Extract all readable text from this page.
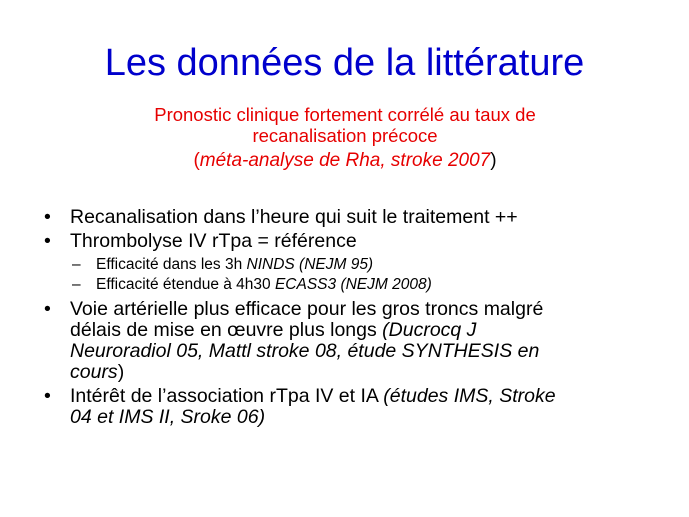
Les données de la littérature
Pronostic clinique fortement corrélé au taux de
recanalisation précoce
(méta-analyse de Rha, stroke 2007)
• Recanalisation dans l’heure qui suit le traitement ++
• Thrombolyse IV rTpa = référence
– Efficacité dans les 3h NINDS (NEJM 95)
– Efficacité étendue à 4h30 ECASS3 (NEJM 2008)
• Voie artérielle plus efficace pour les gros troncs malgré
délais de mise en œuvre plus longs (Ducrocq J
Neuroradiol 05, Mattl stroke 08, étude SYNTHESIS en
cours)
• Intérêt de l’association rTpa IV et IA (études IMS, Stroke
04 et IMS II, Sroke 06)
